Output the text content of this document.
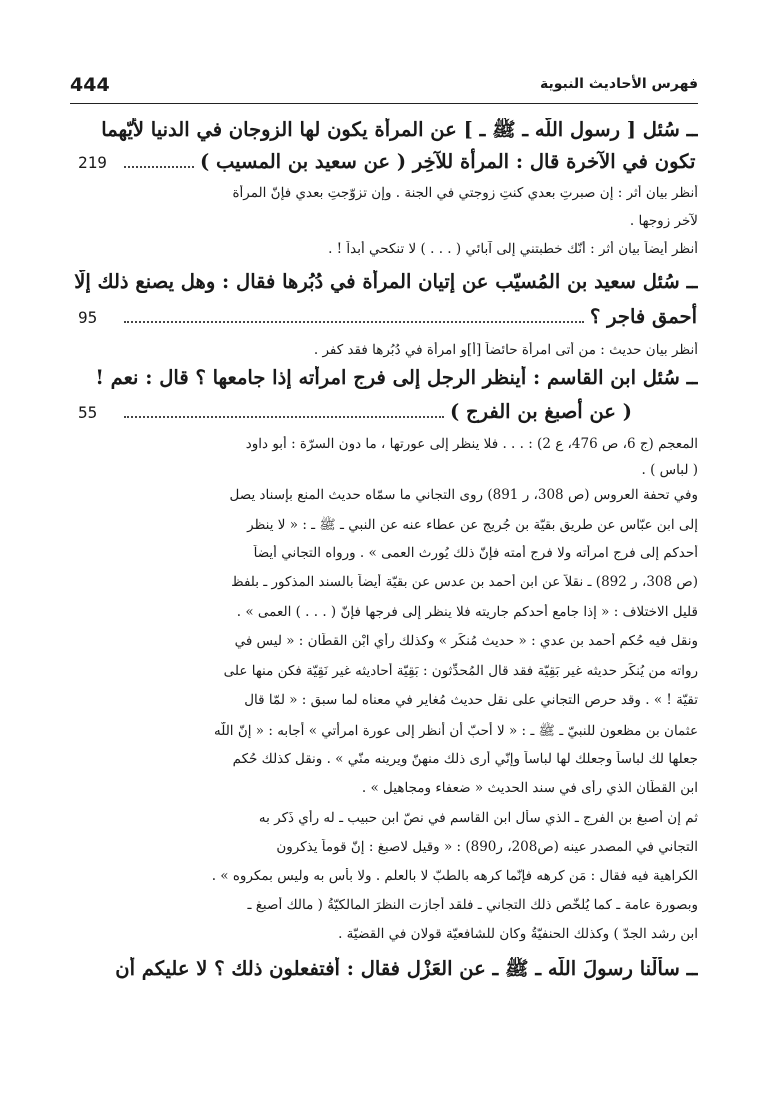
444	فهرس الأحاديث النبوية
ــ سُئل [ رسول اللَّه ـ ﷺ ـ ] عن المرأة يكون لها الزوجان في الدنيا لأيّهما
219	تكون في الآخرة قال : المرأة للآخِر ( عن سعيد بن المسيب )
أنظر بيان أثر : إن صبرتِ بعدي كنتِ زوجتي في الجنة . وإن تزوّجتِ بعدي فإنّ المرأة
لآخر زوجها .
أنظر أيضاً بيان أثر : أنّك خطبتني إلى آبائي ( . . . ) لا تنكحي أبداً ! .
ــ سُئل سعيد بن المُسيّب عن إتيان المرأة في دُبُرها فقال : وهل يصنع ذلك إلّا
95	أحمق فاجر ؟
أنظر بيان حديث : من أتى امرأة حائضاً [أ]و امرأة في دُبُرها فقد كفر .
ــ سُئل ابن القاسم : أينظر الرجل إلى فرج امرأته إذا جامعها ؟ قال : نعم !
55	( عن أصبغ بن الفرج )
المعجم (ج 6، ص 476، ع 2) : . . . فلا ينظر إلى عورتها ، ما دون السرّة : أبو داود
( لباس ) .
وفي تحفة العروس (ص 308، ر 891) روى التجاني ما سمّاه حديث المنع بإسناد يصل
إلى ابن عبّاس عن طريق بقيّة بن جُريج عن عطاء عنه عن النبي ـ ﷺ ـ : « لا ينظر
أحدكم إلى فرج امرأته ولا فرج أمته فإنّ ذلك يُورث العمى » . ورواه التجاني أيضاً
(ص 308، ر 892) ـ نقلاً عن ابن أحمد بن عدس عن بقيّة أيضاً بالسند المذكور ـ بلفظ
قليل الاختلاف : « إذا جامع أحدكم جاريته فلا ينظر إلى فرجها فإنّ ( . . . ) العمى » .
ونقل فيه حُكم أحمد بن عدي : « حديث مُنكَر » وكذلك رأي ابْن القطّان : « ليس في
رواته من يُنكَر حديثه غير بَقِيّة فقد قال المُحدِّثون : بَقِيّة أحاديثه غير نَقِيّة فكن منها على
تقيّة ! » . وقد حرص التجاني على نقل حديث مُغاير في معناه لما سبق : « لمّا قال
عثمان بن مظعون للنبيّ ـ ﷺ ـ : « لا أُحبّ أن أنظر إلى عورة امرأتي » أجابه : « إنّ اللّه
جعلها لك لباساً وجعلك لها لباساً وإنّي أرى ذلك منهنّ ويرينه منّي » . ونقل كذلك حُكم
ابن القطّان الذي رأى في سند الحديث « ضعفاء ومجاهيل » .
ثم إن أصبغ بن الفرج ـ الذي سأل ابن القاسم في نصّ ابن حبيب ـ له رأي ذَكر به
التجاني في المصدر عينه (ص208، ر890) : « وقيل لاصبغ : إنّ قوماً يذكرون
الكراهية فيه فقال : مَن كرهه فإنّما كرهه بالطبّ لا بالعلم . ولا بأس به وليس بمكروه » .
وبصورة عامة ـ كما يُلخّص ذلك التجاني ـ فلقد أجازت النظرَ المالكيّةُ ( مالك أصبغ ـ
ابن رشد الجدّ ) وكذلك الحنفيّةُ وكان للشافعيّة قولان في القضيّة .
ــ سألْنا رسولَ اللّه ـ ﷺ ـ عن العَزْل فقال : أفتفعلون ذلك ؟ لا عليكم أن
